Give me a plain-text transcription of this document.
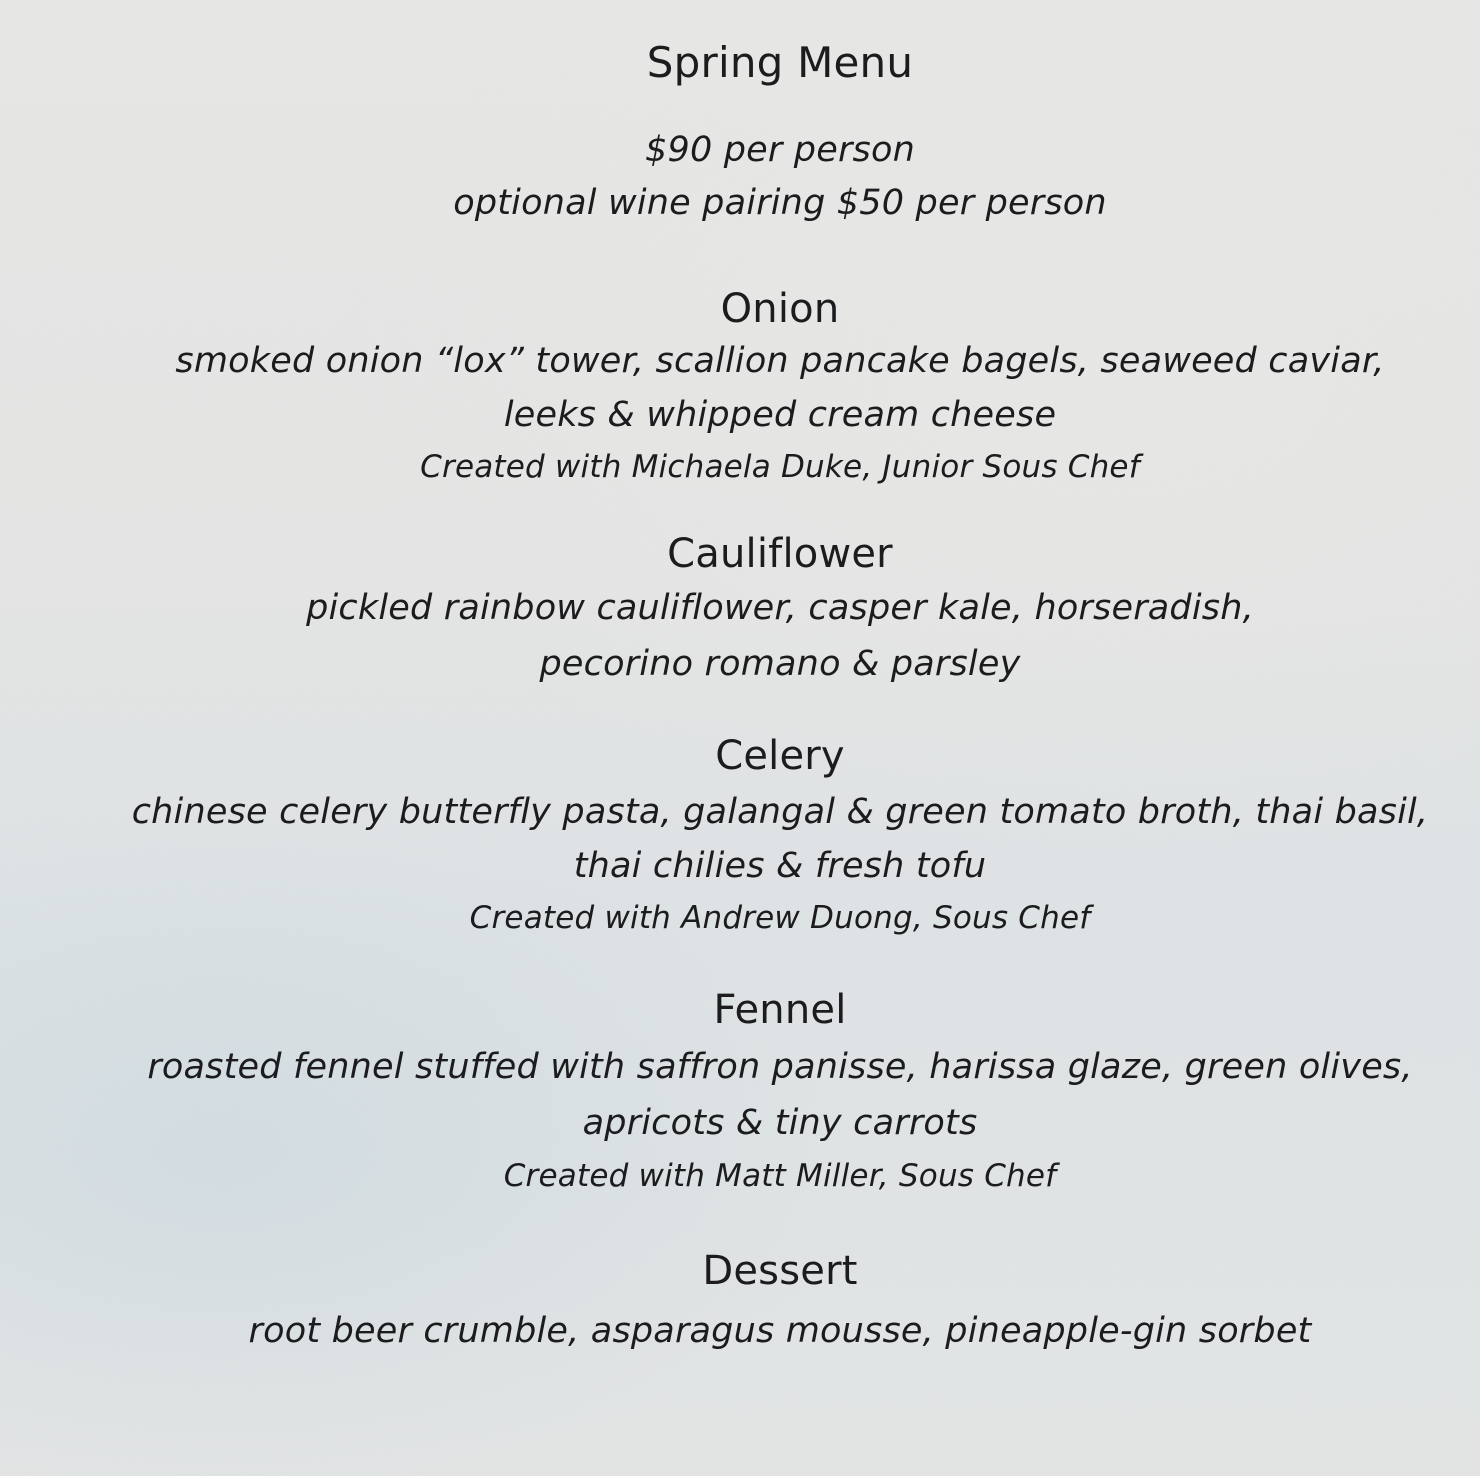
Spring Menu
$90 per person
optional wine pairing $50 per person
Onion
smoked onion “lox” tower, scallion pancake bagels, seaweed caviar,
leeks & whipped cream cheese
Created with Michaela Duke, Junior Sous Chef
Cauliflower
pickled rainbow cauliflower, casper kale, horseradish,
pecorino romano & parsley
Celery
chinese celery butterfly pasta, galangal & green tomato broth, thai basil,
thai chilies & fresh tofu
Created with Andrew Duong, Sous Chef
Fennel
roasted fennel stuffed with saffron panisse, harissa glaze, green olives,
apricots & tiny carrots
Created with Matt Miller, Sous Chef
Dessert
root beer crumble, asparagus mousse, pineapple-gin sorbet
